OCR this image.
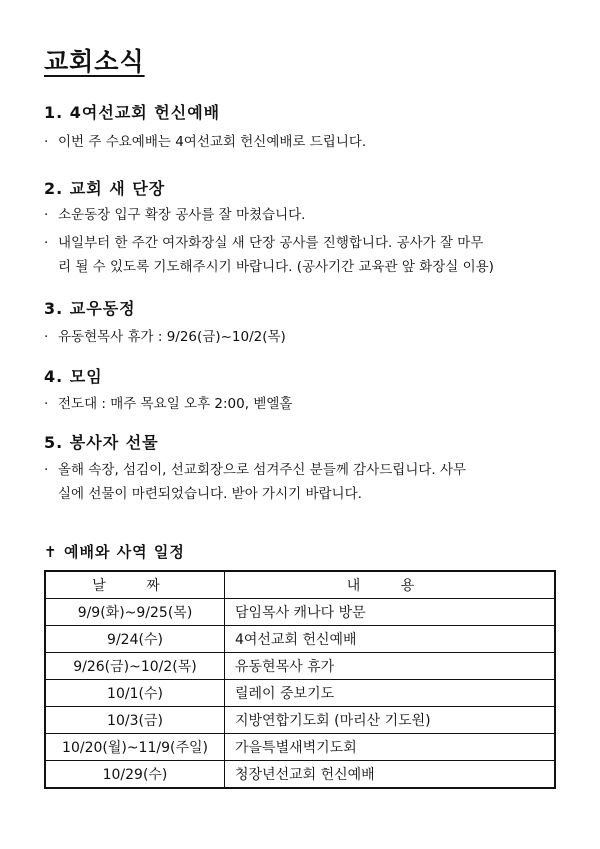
교회소식
1. 4여선교회 헌신예배
· 이번 주 수요예배는 4여선교회 헌신예배로 드립니다.
2. 교회 새 단장
· 소운동장 입구 확장 공사를 잘 마쳤습니다.
· 내일부터 한 주간 여자화장실 새 단장 공사를 진행합니다. 공사가 잘 마무
리 될 수 있도록 기도해주시기 바랍니다. (공사기간 교육관 앞 화장실 이용)
3. 교우동정
· 유동현목사 휴가 : 9/26(금)~10/2(목)
4. 모임
· 전도대 : 매주 목요일 오후 2:00, 벧엘홀
5. 봉사자 선물
· 올해 속장, 섬김이, 선교회장으로 섬겨주신 분들께 감사드립니다. 사무
실에 선물이 마련되었습니다. 받아 가시기 바랍니다.
✝ 예배와 사역 일정
날 짜	내 용
9/9(화)~9/25(목)	담임목사 캐나다 방문
9/24(수)	4여선교회 헌신예배
9/26(금)~10/2(목)	유동현목사 휴가
10/1(수)	릴레이 중보기도
10/3(금)	지방연합기도회 (마리산 기도원)
10/20(월)~11/9(주일)	가을특별새벽기도회
10/29(수)	청장년선교회 헌신예배
